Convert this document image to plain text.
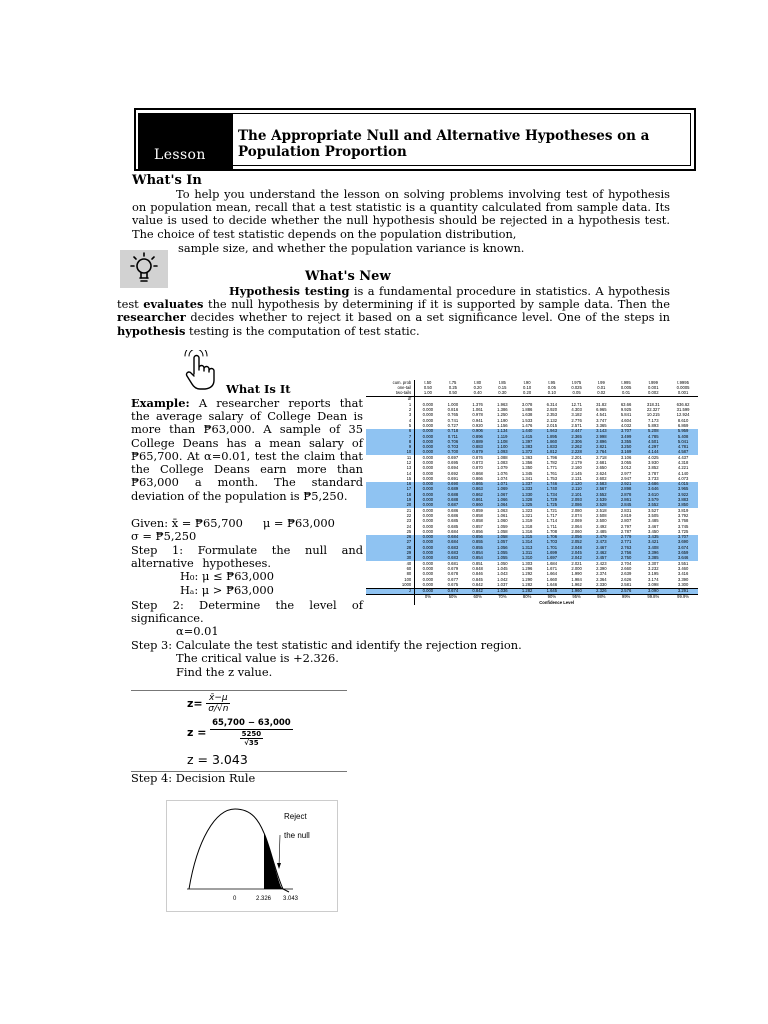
Lesson
The Appropriate Null and Alternative Hypotheses on a Population Proportion
What's In
To help you understand the lesson on solving problems involving test of hypothesis on population mean, recall that a test statistic is a quantity calculated from sample data. Its value is used to decide whether the null hypothesis should be rejected in a hypothesis test. The choice of test statistic depends on the population distribution,
sample size, and whether the population variance is known.
What's New
Hypothesis testing is a fundamental procedure in statistics. A hypothesis test evaluates the null hypothesis by determining if it is supported by sample data. Then the researcher decides whether to reject it based on a set significance level. One of the steps in hypothesis testing is the computation of test static.
What Is It
Example: A researcher reports that the average salary of College Dean is more than ₱63,000. A sample of 35 College Deans has a mean salary of ₱65,700. At α=0.01, test the claim that the College Deans earn more than ₱63,000 a month. The standard deviation of the population is ₱5,250.
Given: x̄ = ₱65,700 μ = ₱63,000
σ = ₱5,250
Step 1: Formulate the null and alternative hypotheses.
H₀: μ ≤ ₱63,000
Hₐ: μ > ₱63,000
Step 2: Determine the level of significance.
α=0.01
Step 3: Calculate the test statistic and identify the rejection region.
The critical value is +2.326.
Find the z value.
$z= \frac{x̄-\mu}{\sigma/√n}$
$z = \frac{65,700 - 63,000}{\frac{5250}{√35}}$
z = 3.043
Step 4: Decision Rule
Reject
the null
0	2.326 3.043
cum. prob	t.50	t.75	t.80	t.85	t.90	t.95	t.975	t.99	t.995	t.999	t.9995
one-tail	0.50	0.25	0.20	0.15	0.10	0.05	0.025	0.01	0.005	0.001	0.0005
two-tails	1.00	0.50	0.40	0.30	0.20	0.10	0.05	0.02	0.01	0.002	0.001
df											
1	0.000	1.000	1.376	1.963	3.078	6.314	12.71	31.82	63.66	318.31	636.62
2	0.000	0.816	1.061	1.386	1.886	2.920	4.303	6.965	9.925	22.327	31.599
3	0.000	0.765	0.978	1.250	1.638	2.353	3.182	4.541	5.841	10.215	12.924
4	0.000	0.741	0.941	1.190	1.533	2.132	2.776	3.747	4.604	7.173	8.610
5	0.000	0.727	0.920	1.156	1.476	2.015	2.571	3.365	4.032	5.893	6.869
6	0.000	0.718	0.906	1.134	1.440	1.943	2.447	3.143	3.707	5.208	5.959
7	0.000	0.711	0.896	1.119	1.415	1.895	2.365	2.998	3.499	4.785	5.408
8	0.000	0.706	0.889	1.108	1.397	1.860	2.306	2.896	3.355	4.501	5.041
9	0.000	0.703	0.883	1.100	1.383	1.833	2.262	2.821	3.250	4.297	4.781
10	0.000	0.700	0.879	1.093	1.372	1.812	2.228	2.764	3.169	4.144	4.587
11	0.000	0.697	0.876	1.088	1.363	1.796	2.201	2.718	3.106	4.025	4.437
12	0.000	0.695	0.873	1.083	1.356	1.782	2.179	2.681	3.055	3.930	4.318
13	0.000	0.694	0.870	1.079	1.350	1.771	2.160	2.650	3.012	3.852	4.221
14	0.000	0.692	0.868	1.076	1.345	1.761	2.145	2.624	2.977	3.787	4.140
15	0.000	0.691	0.866	1.074	1.341	1.753	2.131	2.602	2.947	3.733	4.073
16	0.000	0.690	0.865	1.071	1.337	1.746	2.120	2.583	2.921	3.686	4.015
17	0.000	0.689	0.863	1.069	1.333	1.740	2.110	2.567	2.898	3.646	3.965
18	0.000	0.688	0.862	1.067	1.330	1.734	2.101	2.552	2.878	3.610	3.922
19	0.000	0.688	0.861	1.066	1.328	1.729	2.093	2.539	2.861	3.579	3.883
20	0.000	0.687	0.860	1.064	1.325	1.725	2.086	2.528	2.845	3.552	3.850
21	0.000	0.686	0.859	1.063	1.323	1.721	2.080	2.518	2.831	3.527	3.819
22	0.000	0.686	0.858	1.061	1.321	1.717	2.074	2.508	2.819	3.505	3.792
23	0.000	0.685	0.858	1.060	1.319	1.714	2.069	2.500	2.807	3.485	3.768
24	0.000	0.685	0.857	1.059	1.318	1.711	2.064	2.492	2.797	3.467	3.745
25	0.000	0.684	0.856	1.058	1.316	1.708	2.060	2.485	2.787	3.450	3.725
26	0.000	0.684	0.856	1.058	1.315	1.706	2.056	2.479	2.779	3.435	3.707
27	0.000	0.684	0.855	1.057	1.314	1.703	2.052	2.473	2.771	3.421	3.690
28	0.000	0.683	0.855	1.056	1.313	1.701	2.048	2.467	2.763	3.408	3.674
29	0.000	0.683	0.854	1.055	1.311	1.699	2.045	2.462	2.756	3.396	3.659
30	0.000	0.683	0.854	1.055	1.310	1.697	2.042	2.457	2.750	3.385	3.646
40	0.000	0.681	0.851	1.050	1.303	1.684	2.021	2.423	2.704	3.307	3.551
60	0.000	0.679	0.848	1.045	1.296	1.671	2.000	2.390	2.660	3.232	3.460
80	0.000	0.678	0.846	1.043	1.292	1.664	1.990	2.374	2.639	3.195	3.416
100	0.000	0.677	0.845	1.042	1.290	1.660	1.984	2.364	2.626	3.174	3.390
1000	0.000	0.675	0.842	1.037	1.282	1.646	1.962	2.330	2.581	3.098	3.300
z	0.000	0.674	0.842	1.036	1.282	1.645	1.960	2.326	2.576	3.090	3.291
	0%	50%	60%	70%	80%	90%	95%	98%	99%	99.8%	99.9%
	Confidence Level										
